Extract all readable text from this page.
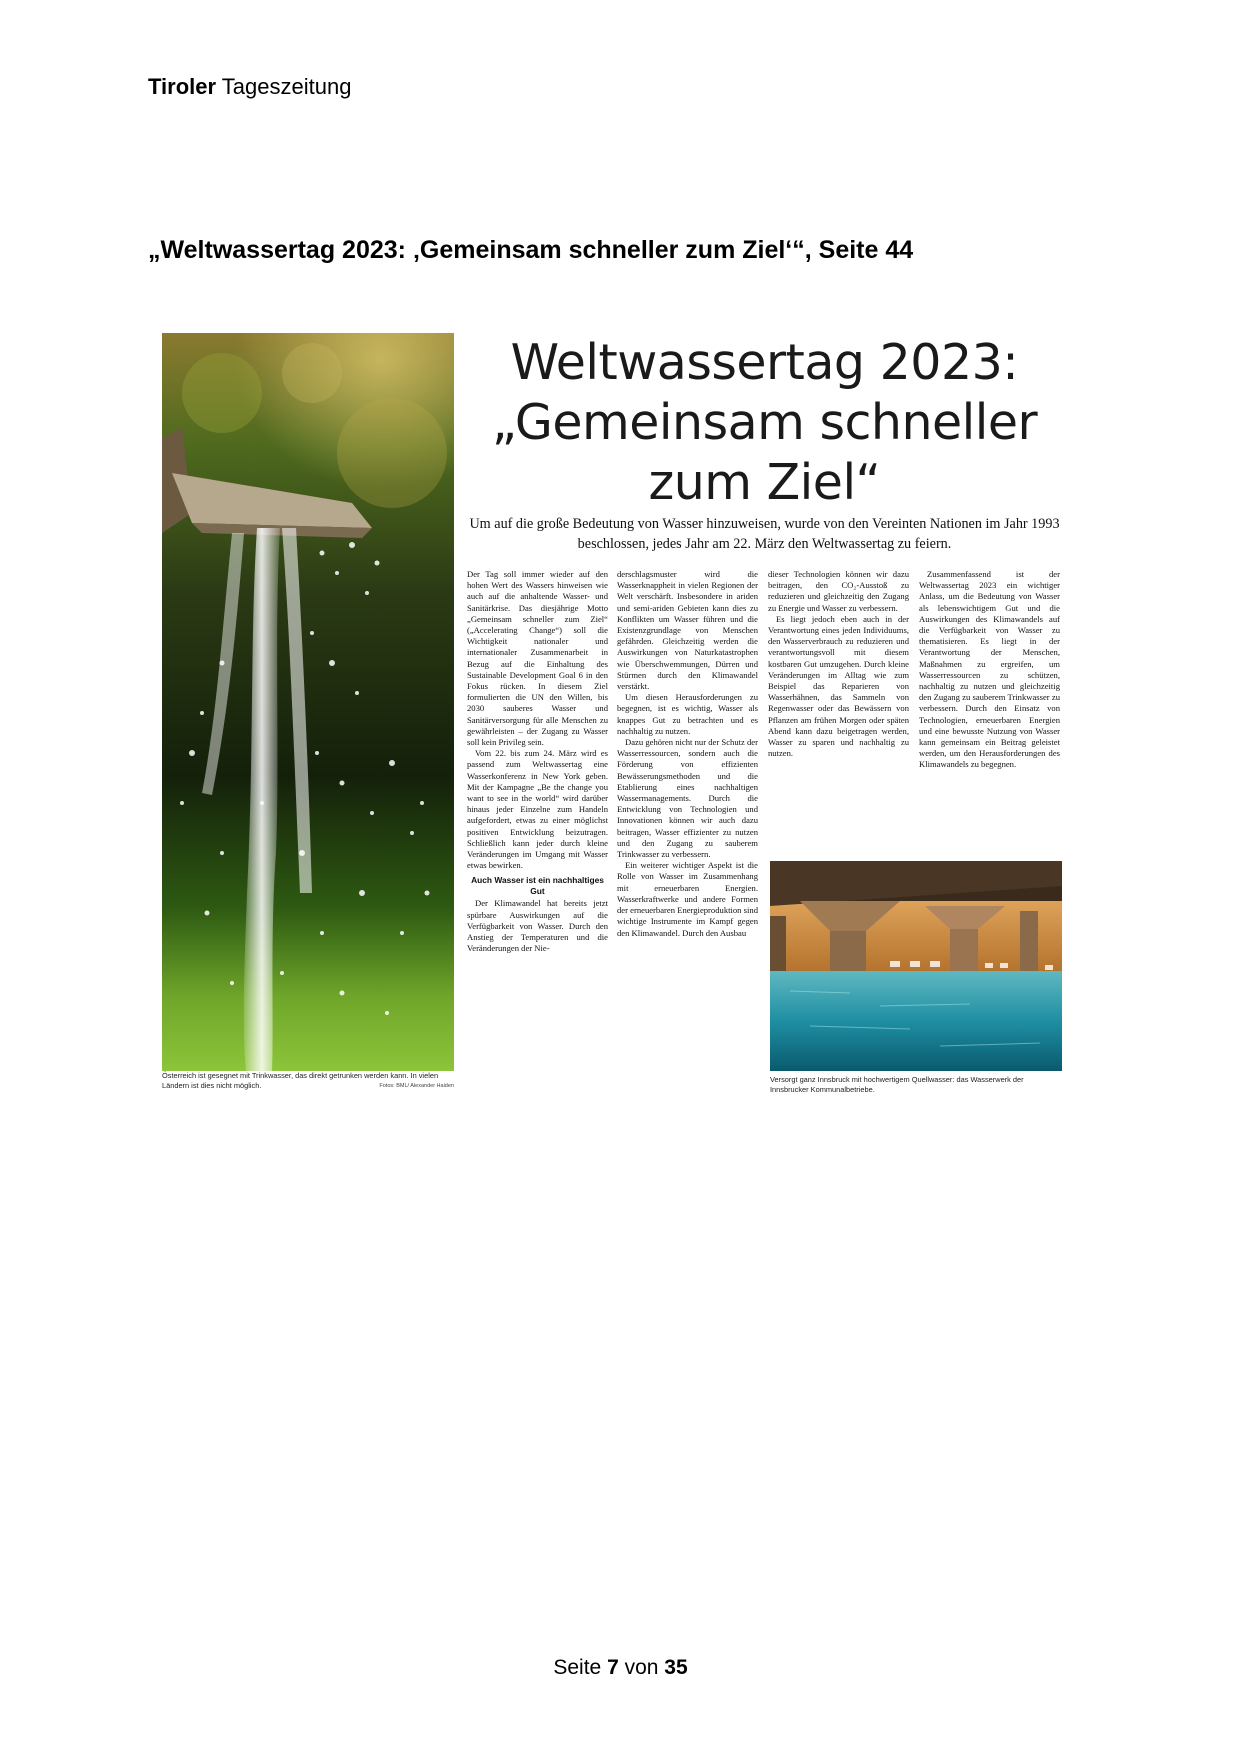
Tiroler Tageszeitung
„Weltwassertag 2023: ‚Gemeinsam schneller zum Ziel‘“, Seite 44
Österreich ist gesegnet mit Trinkwasser, das direkt getrunken werden kann. In vielen Ländern ist dies nicht möglich.	Fotos: BML/ Alexander Haiden
Weltwassertag 2023:
„Gemeinsam schneller
zum Ziel“
Um auf die große Bedeutung von Wasser hinzuweisen, wurde von den Vereinten Nationen im Jahr 1993 beschlossen, jedes Jahr am 22. März den Weltwassertag zu feiern.

Der Tag soll immer wieder auf den hohen Wert des Wassers hinweisen wie auch auf die anhaltende Wasser- und Sanitärkrise. Das diesjährige Motto „Gemeinsam schneller zum Ziel“ („Accelerating Change“) soll die Wichtigkeit nationaler und internationaler Zusammenarbeit in Bezug auf die Einhaltung des Sustainable Development Goal 6 in den Fokus rücken. In diesem Ziel formulierten die UN den Willen, bis 2030 sauberes Wasser und Sanitärversorgung für alle Menschen zu gewährleisten – der Zugang zu Wasser soll kein Privileg sein.

Vom 22. bis zum 24. März wird es passend zum Weltwassertag eine Wasserkonferenz in New York geben. Mit der Kampagne „Be the change you want to see in the world“ wird darüber hinaus jeder Einzelne zum Handeln aufgefordert, etwas zu einer möglichst positiven Entwicklung beizutragen. Schließlich kann jeder durch kleine Veränderungen im Umgang mit Wasser etwas bewirken.

Auch Wasser ist ein nachhaltiges Gut

Der Klimawandel hat bereits jetzt spürbare Auswirkungen auf die Verfügbarkeit von Wasser. Durch den Anstieg der Temperaturen und die Veränderungen der Nie-

derschlagsmuster wird die Wasserknappheit in vielen Regionen der Welt verschärft. Insbesondere in ariden und semi-ariden Gebieten kann dies zu Konflikten um Wasser führen und die Existenzgrundlage von Menschen gefährden. Gleichzeitig werden die Auswirkungen von Naturkatastrophen wie Überschwemmungen, Dürren und Stürmen durch den Klimawandel verstärkt.

Um diesen Herausforderungen zu begegnen, ist es wichtig, Wasser als knappes Gut zu betrachten und es nachhaltig zu nutzen.

Dazu gehören nicht nur der Schutz der Wasserressourcen, sondern auch die Förderung von effizienten Bewässerungsmethoden und die Etablierung eines nachhaltigen Wassermanagements. Durch die Entwicklung von Technologien und Innovationen können wir auch dazu beitragen, Wasser effizienter zu nutzen und den Zugang zu sauberem Trinkwasser zu verbessern.

Ein weiterer wichtiger Aspekt ist die Rolle von Wasser im Zusammenhang mit erneuerbaren Energien. Wasserkraftwerke und andere Formen der erneuerbaren Energieproduktion sind wichtige Instrumente im Kampf gegen den Klimawandel. Durch den Ausbau

dieser Technologien können wir dazu beitragen, den CO₂-Ausstoß zu reduzieren und gleichzeitig den Zugang zu Energie und Wasser zu verbessern.

Es liegt jedoch eben auch in der Verantwortung eines jeden Individuums, den Wasserverbrauch zu reduzieren und verantwortungsvoll mit diesem kostbaren Gut umzugehen. Durch kleine Veränderungen im Alltag wie zum Beispiel das Reparieren von Wasserhähnen, das Sammeln von Regenwasser oder das Bewässern von Pflanzen am frühen Morgen oder späten Abend kann dazu beigetragen werden, Wasser zu sparen und nachhaltig zu nutzen.

Zusammenfassend ist der Weltwassertag 2023 ein wichtiger Anlass, um die Bedeutung von Wasser als lebenswichtigem Gut und die Auswirkungen des Klimawandels auf die Verfügbarkeit von Wasser zu thematisieren. Es liegt in der Verantwortung der Menschen, Maßnahmen zu ergreifen, um Wasserressourcen zu schützen, nachhaltig zu nutzen und gleichzeitig den Zugang zu sauberem Trinkwasser zu verbessern. Durch den Einsatz von Technologien, erneuerbaren Energien und eine bewusste Nutzung von Wasser kann gemeinsam ein Beitrag geleistet werden, um den Herausforderungen des Klimawandels zu begegnen.

Versorgt ganz Innsbruck mit hochwertigem Quellwasser: das Wasserwerk der Innsbrucker Kommunalbetriebe.
Seite 7 von 35
